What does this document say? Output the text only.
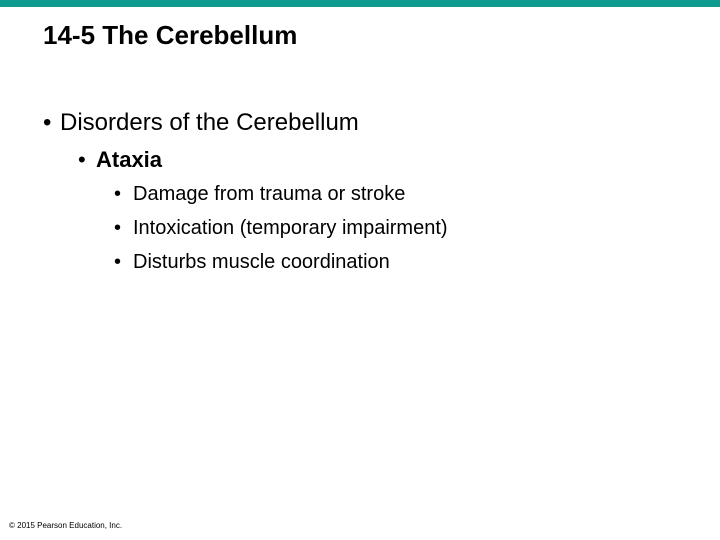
14-5 The Cerebellum
• Disorders of the Cerebellum
• Ataxia
• Damage from trauma or stroke
• Intoxication (temporary impairment)
• Disturbs muscle coordination
© 2015 Pearson Education, Inc.
